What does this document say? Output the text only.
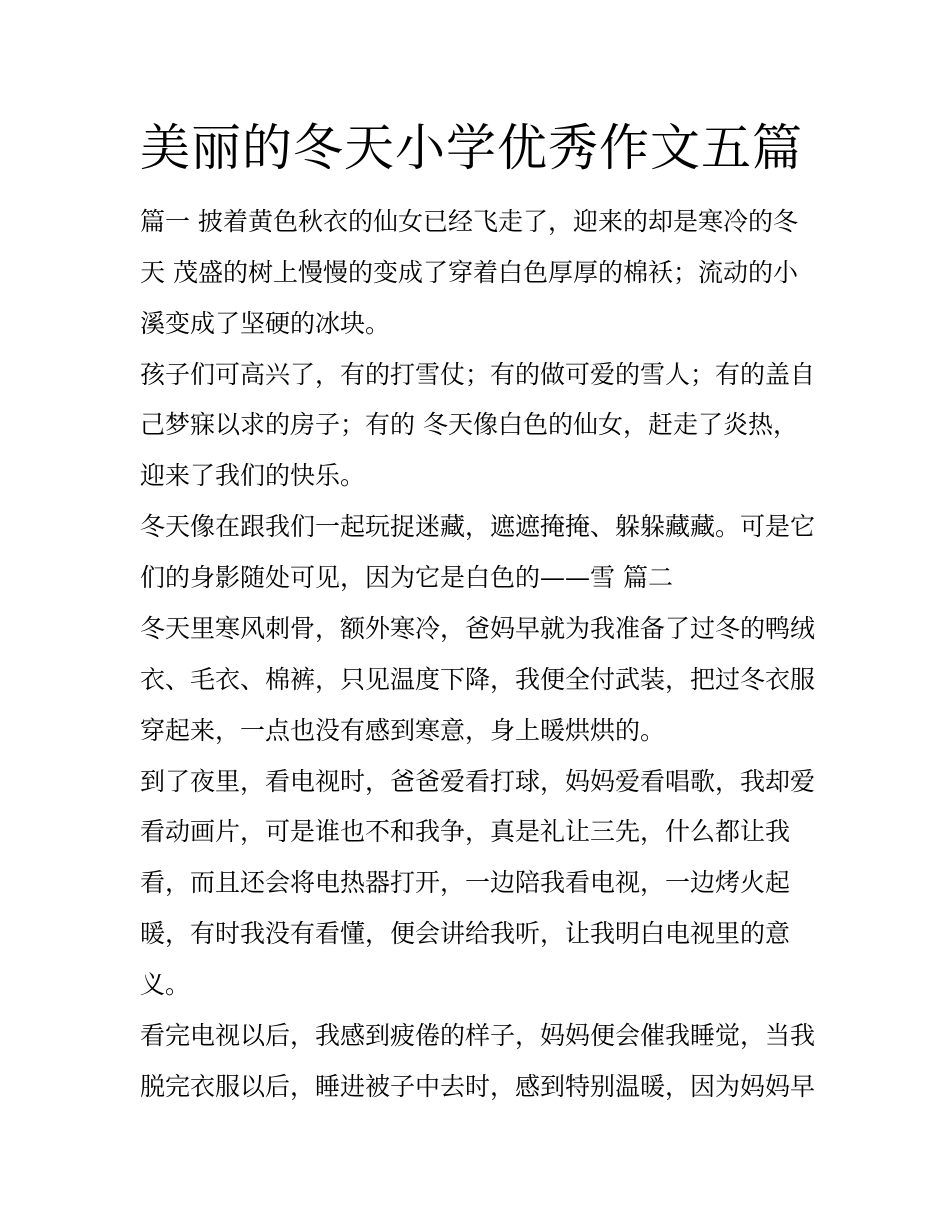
美丽的冬天小学优秀作文五篇

篇一 披着黄色秋衣的仙女已经飞走了，迎来的却是寒冷的冬

天 茂盛的树上慢慢的变成了穿着白色厚厚的棉袄；流动的小

溪变成了坚硬的冰块。

孩子们可高兴了，有的打雪仗；有的做可爱的雪人；有的盖自

己梦寐以求的房子；有的 冬天像白色的仙女，赶走了炎热，

迎来了我们的快乐。

冬天像在跟我们一起玩捉迷藏，遮遮掩掩、躲躲藏藏。可是它

们的身影随处可见，因为它是白色的——雪 篇二

冬天里寒风刺骨，额外寒冷，爸妈早就为我准备了过冬的鸭绒

衣、毛衣、棉裤，只见温度下降，我便全付武装，把过冬衣服

穿起来，一点也没有感到寒意，身上暖烘烘的。

到了夜里，看电视时，爸爸爱看打球，妈妈爱看唱歌，我却爱

看动画片，可是谁也不和我争，真是礼让三先，什么都让我

看，而且还会将电热器打开，一边陪我看电视，一边烤火起

暖，有时我没有看懂，便会讲给我听，让我明白电视里的意

义。

看完电视以后，我感到疲倦的样子，妈妈便会催我睡觉，当我

脱完衣服以后，睡进被子中去时，感到特别温暖，因为妈妈早
